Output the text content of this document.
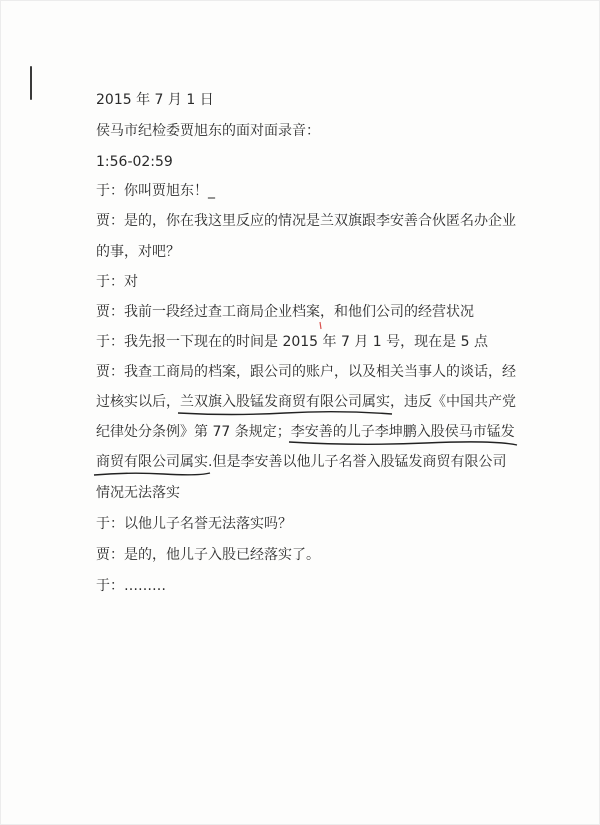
2015 年 7 月 1 日
侯马市纪检委贾旭东的面对面录音：
1:56-02:59
于：你叫贾旭东！_
贾：是的，你在我这里反应的情况是兰双旗跟李安善合伙匿名办企业
的事，对吧？
于：对
贾：我前一段经过查工商局企业档案，和他们公司的经营状况
于：我先报一下现在的时间是 2015 年 7 月 1 号，现在是 5 点
贾：我查工商局的档案，跟公司的账户，以及相关当事人的谈话，经
过核实以后，兰双旗入股锰发商贸有限公司属实
，违反《中国共产党
纪律处分条例》第 77 条规定；李安善的儿子李坤鹏入股侯马市锰发
商贸有限公司属实
.但是李安善以他儿子名誉入股锰发商贸有限公司
情况无法落实
于：以他儿子名誉无法落实吗？
贾：是的，他儿子入股已经落实了。
于：………
